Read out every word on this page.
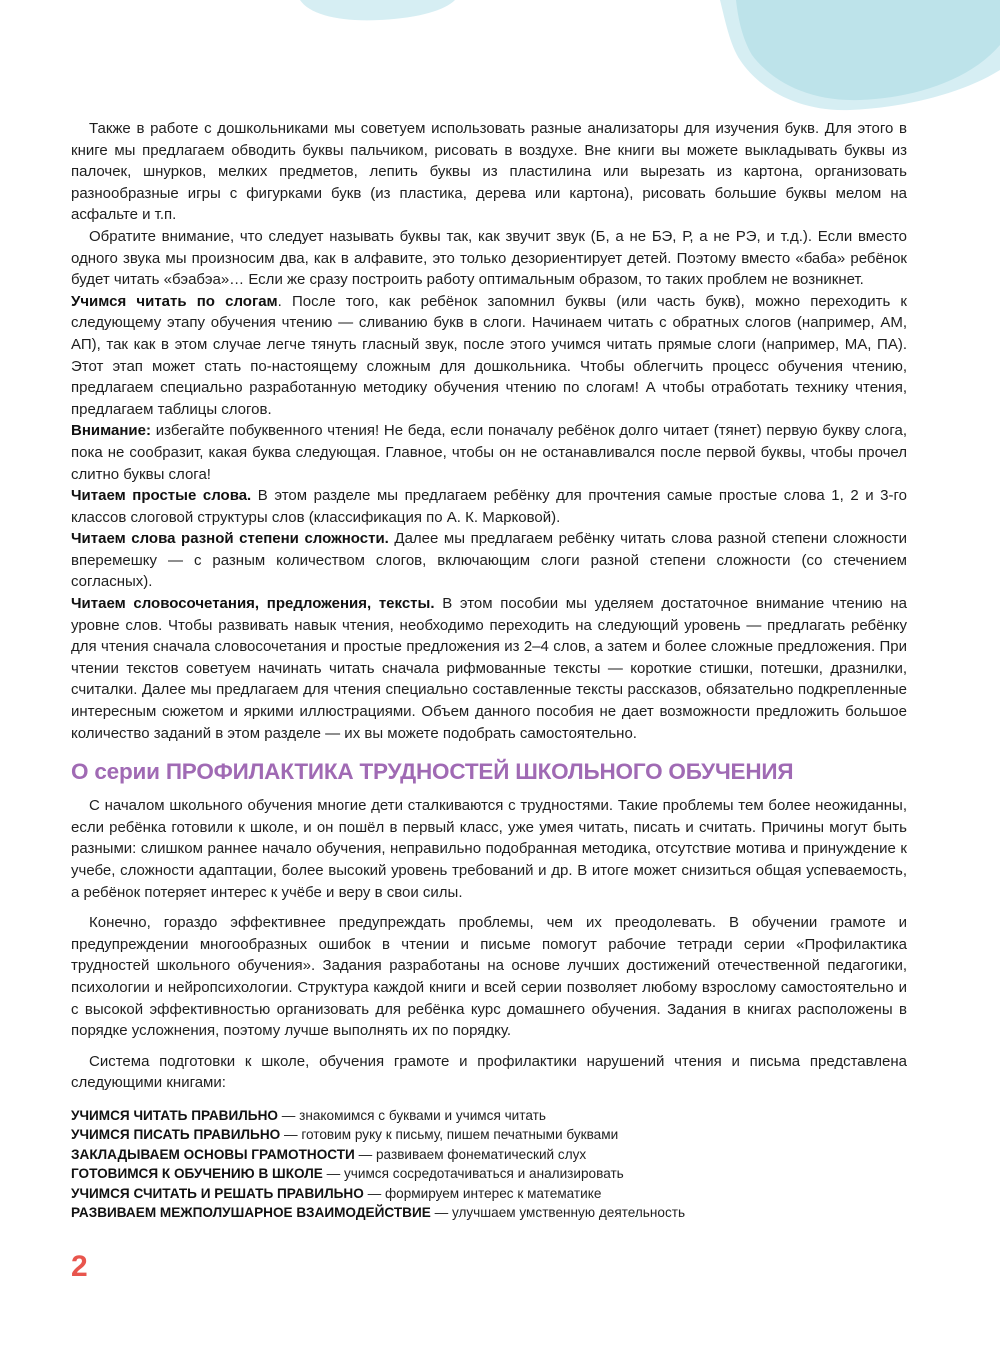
Также в работе с дошкольниками мы советуем использовать разные анализаторы для изучения букв. Для этого в книге мы предлагаем обводить буквы пальчиком, рисовать в воздухе. Вне книги вы можете выкладывать буквы из палочек, шнурков, мелких предметов, лепить буквы из пластилина или вырезать из картона, организовать разнообразные игры с фигурками букв (из пластика, дерева или картона), рисовать большие буквы мелом на асфальте и т.п.

Обратите внимание, что следует называть буквы так, как звучит звук (Б, а не БЭ, Р, а не РЭ, и т.д.). Если вместо одного звука мы произносим два, как в алфавите, это только дезориентирует детей. Поэтому вместо «баба» ребёнок будет читать «бэабэа»… Если же сразу построить работу оптимальным образом, то таких проблем не возникнет.

Учимся читать по слогам. После того, как ребёнок запомнил буквы (или часть букв), можно переходить к следующему этапу обучения чтению — сливанию букв в слоги. Начинаем читать с обратных слогов (например, АМ, АП), так как в этом случае легче тянуть гласный звук, после этого учимся читать прямые слоги (например, МА, ПА). Этот этап может стать по-настоящему сложным для дошкольника. Чтобы облегчить процесс обучения чтению, предлагаем специально разработанную методику обучения чтению по слогам! А чтобы отработать технику чтения, предлагаем таблицы слогов.

Внимание: избегайте побуквенного чтения! Не беда, если поначалу ребёнок долго читает (тянет) первую букву слога, пока не сообразит, какая буква следующая. Главное, чтобы он не останавливался после первой буквы, чтобы прочел слитно буквы слога!

Читаем простые слова. В этом разделе мы предлагаем ребёнку для прочтения самые простые слова 1, 2 и 3-го классов слоговой структуры слов (классификация по А. К. Марковой).

Читаем слова разной степени сложности. Далее мы предлагаем ребёнку читать слова разной степени сложности вперемешку — с разным количеством слогов, включающим слоги разной степени сложности (со стечением согласных).

Читаем словосочетания, предложения, тексты. В этом пособии мы уделяем достаточное внимание чтению на уровне слов. Чтобы развивать навык чтения, необходимо переходить на следующий уровень — предлагать ребёнку для чтения сначала словосочетания и простые предложения из 2–4 слов, а затем и более сложные предложения. При чтении текстов советуем начинать читать сначала рифмованные тексты — короткие стишки, потешки, дразнилки, считалки. Далее мы предлагаем для чтения специально составленные тексты рассказов, обязательно подкрепленные интересным сюжетом и яркими иллюстрациями. Объем данного пособия не дает возможности предложить большое количество заданий в этом разделе — их вы можете подобрать самостоятельно.

О серии ПРОФИЛАКТИКА ТРУДНОСТЕЙ ШКОЛЬНОГО ОБУЧЕНИЯ

С началом школьного обучения многие дети сталкиваются с трудностями. Такие проблемы тем более неожиданны, если ребёнка готовили к школе, и он пошёл в первый класс, уже умея читать, писать и считать. Причины могут быть разными: слишком раннее начало обучения, неправильно подобранная методика, отсутствие мотива и принуждение к учебе, сложности адаптации, более высокий уровень требований и др. В итоге может снизиться общая успеваемость, а ребёнок потеряет интерес к учёбе и веру в свои силы.

Конечно, гораздо эффективнее предупреждать проблемы, чем их преодолевать. В обучении грамоте и предупреждении многообразных ошибок в чтении и письме помогут рабочие тетради серии «Профилактика трудностей школьного обучения». Задания разработаны на основе лучших достижений отечественной педагогики, психологии и нейропсихологии. Структура каждой книги и всей серии позволяет любому взрослому самостоятельно и с высокой эффективностью организовать для ребёнка курс домашнего обучения. Задания в книгах расположены в порядке усложнения, поэтому лучше выполнять их по порядку.

Система подготовки к школе, обучения грамоте и профилактики нарушений чтения и письма представлена следующими книгами:

УЧИМСЯ ЧИТАТЬ ПРАВИЛЬНО — знакомимся с буквами и учимся читать
УЧИМСЯ ПИСАТЬ ПРАВИЛЬНО — готовим руку к письму, пишем печатными буквами
ЗАКЛАДЫВАЕМ ОСНОВЫ ГРАМОТНОСТИ — развиваем фонематический слух
ГОТОВИМСЯ К ОБУЧЕНИЮ В ШКОЛЕ — учимся сосредотачиваться и анализировать
УЧИМСЯ СЧИТАТЬ И РЕШАТЬ ПРАВИЛЬНО — формируем интерес к математике
РАЗВИВАЕМ МЕЖПОЛУШАРНОЕ ВЗАИМОДЕЙСТВИЕ — улучшаем умственную деятельность
2
